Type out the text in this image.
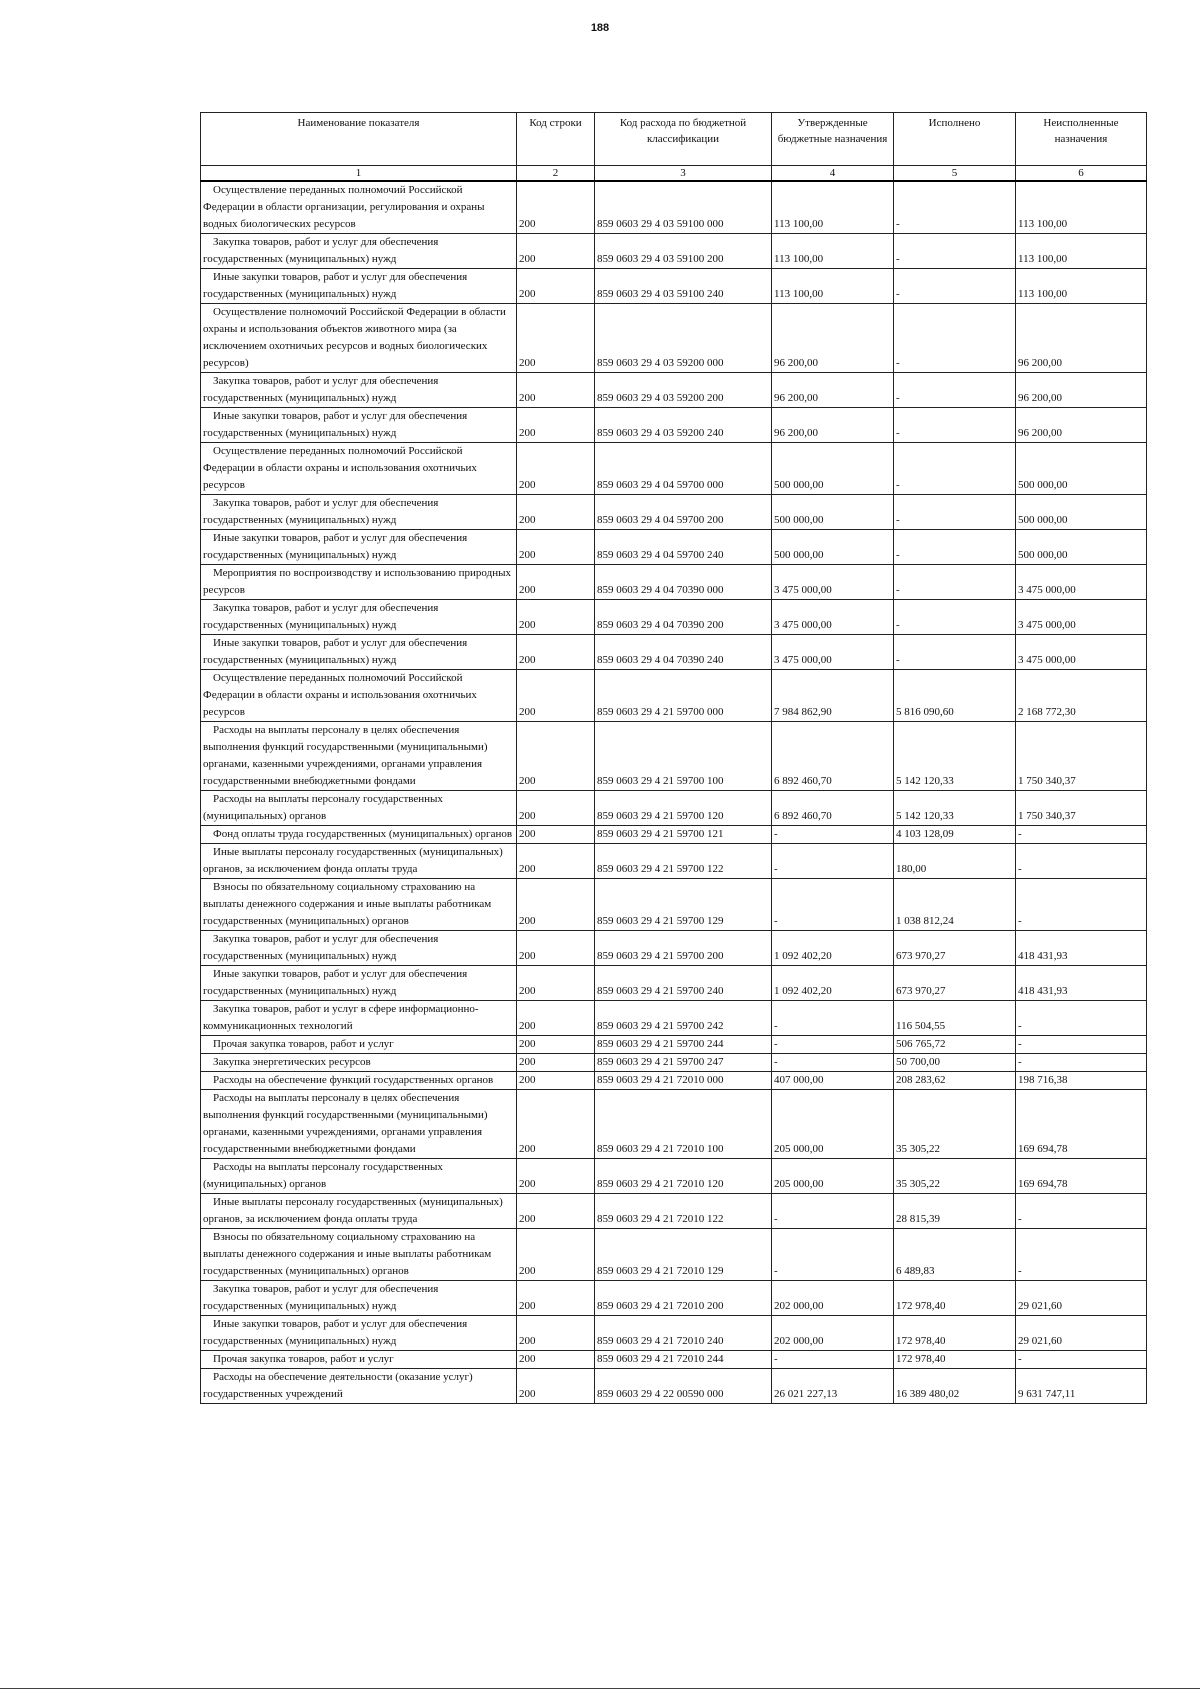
188
Наименование показателя	Код строки	Код расхода по бюджетной классификации	Утвержденные бюджетные назначения	Исполнено	Неисполненные назначения
1	2	3	4	5	6
Осуществление переданных полномочий Российской Федерации в области организации, регулирования и охраны водных биологических ресурсов	200	859 0603 29 4 03 59100 000	113 100,00	-	113 100,00
Закупка товаров, работ и услуг для обеспечения государственных (муниципальных) нужд	200	859 0603 29 4 03 59100 200	113 100,00	-	113 100,00
Иные закупки товаров, работ и услуг для обеспечения государственных (муниципальных) нужд	200	859 0603 29 4 03 59100 240	113 100,00	-	113 100,00
Осуществление полномочий Российской Федерации в области охраны и использования объектов животного мира (за исключением охотничьих ресурсов и водных биологических ресурсов)	200	859 0603 29 4 03 59200 000	96 200,00	-	96 200,00
Закупка товаров, работ и услуг для обеспечения государственных (муниципальных) нужд	200	859 0603 29 4 03 59200 200	96 200,00	-	96 200,00
Иные закупки товаров, работ и услуг для обеспечения государственных (муниципальных) нужд	200	859 0603 29 4 03 59200 240	96 200,00	-	96 200,00
Осуществление переданных полномочий Российской Федерации в области охраны и использования охотничьих ресурсов	200	859 0603 29 4 04 59700 000	500 000,00	-	500 000,00
Закупка товаров, работ и услуг для обеспечения государственных (муниципальных) нужд	200	859 0603 29 4 04 59700 200	500 000,00	-	500 000,00
Иные закупки товаров, работ и услуг для обеспечения государственных (муниципальных) нужд	200	859 0603 29 4 04 59700 240	500 000,00	-	500 000,00
Мероприятия по воспроизводству и использованию природных ресурсов	200	859 0603 29 4 04 70390 000	3 475 000,00	-	3 475 000,00
Закупка товаров, работ и услуг для обеспечения государственных (муниципальных) нужд	200	859 0603 29 4 04 70390 200	3 475 000,00	-	3 475 000,00
Иные закупки товаров, работ и услуг для обеспечения государственных (муниципальных) нужд	200	859 0603 29 4 04 70390 240	3 475 000,00	-	3 475 000,00
Осуществление переданных полномочий Российской Федерации в области охраны и использования охотничьих ресурсов	200	859 0603 29 4 21 59700 000	7 984 862,90	5 816 090,60	2 168 772,30
Расходы на выплаты персоналу в целях обеспечения выполнения функций государственными (муниципальными) органами, казенными учреждениями, органами управления государственными внебюджетными фондами	200	859 0603 29 4 21 59700 100	6 892 460,70	5 142 120,33	1 750 340,37
Расходы на выплаты персоналу государственных (муниципальных) органов	200	859 0603 29 4 21 59700 120	6 892 460,70	5 142 120,33	1 750 340,37
Фонд оплаты труда государственных (муниципальных) органов	200	859 0603 29 4 21 59700 121	-	4 103 128,09	-
Иные выплаты персоналу государственных (муниципальных) органов, за исключением фонда оплаты труда	200	859 0603 29 4 21 59700 122	-	180,00	-
Взносы по обязательному социальному страхованию на выплаты денежного содержания и иные выплаты работникам государственных (муниципальных) органов	200	859 0603 29 4 21 59700 129	-	1 038 812,24	-
Закупка товаров, работ и услуг для обеспечения государственных (муниципальных) нужд	200	859 0603 29 4 21 59700 200	1 092 402,20	673 970,27	418 431,93
Иные закупки товаров, работ и услуг для обеспечения государственных (муниципальных) нужд	200	859 0603 29 4 21 59700 240	1 092 402,20	673 970,27	418 431,93
Закупка товаров, работ и услуг в сфере информационно-коммуникационных технологий	200	859 0603 29 4 21 59700 242	-	116 504,55	-
Прочая закупка товаров, работ и услуг	200	859 0603 29 4 21 59700 244	-	506 765,72	-
Закупка энергетических ресурсов	200	859 0603 29 4 21 59700 247	-	50 700,00	-
Расходы на обеспечение функций государственных органов	200	859 0603 29 4 21 72010 000	407 000,00	208 283,62	198 716,38
Расходы на выплаты персоналу в целях обеспечения выполнения функций государственными (муниципальными) органами, казенными учреждениями, органами управления государственными внебюджетными фондами	200	859 0603 29 4 21 72010 100	205 000,00	35 305,22	169 694,78
Расходы на выплаты персоналу государственных (муниципальных) органов	200	859 0603 29 4 21 72010 120	205 000,00	35 305,22	169 694,78
Иные выплаты персоналу государственных (муниципальных) органов, за исключением фонда оплаты труда	200	859 0603 29 4 21 72010 122	-	28 815,39	-
Взносы по обязательному социальному страхованию на выплаты денежного содержания и иные выплаты работникам государственных (муниципальных) органов	200	859 0603 29 4 21 72010 129	-	6 489,83	-
Закупка товаров, работ и услуг для обеспечения государственных (муниципальных) нужд	200	859 0603 29 4 21 72010 200	202 000,00	172 978,40	29 021,60
Иные закупки товаров, работ и услуг для обеспечения государственных (муниципальных) нужд	200	859 0603 29 4 21 72010 240	202 000,00	172 978,40	29 021,60
Прочая закупка товаров, работ и услуг	200	859 0603 29 4 21 72010 244	-	172 978,40	-
Расходы на обеспечение деятельности (оказание услуг) государственных учреждений	200	859 0603 29 4 22 00590 000	26 021 227,13	16 389 480,02	9 631 747,11
